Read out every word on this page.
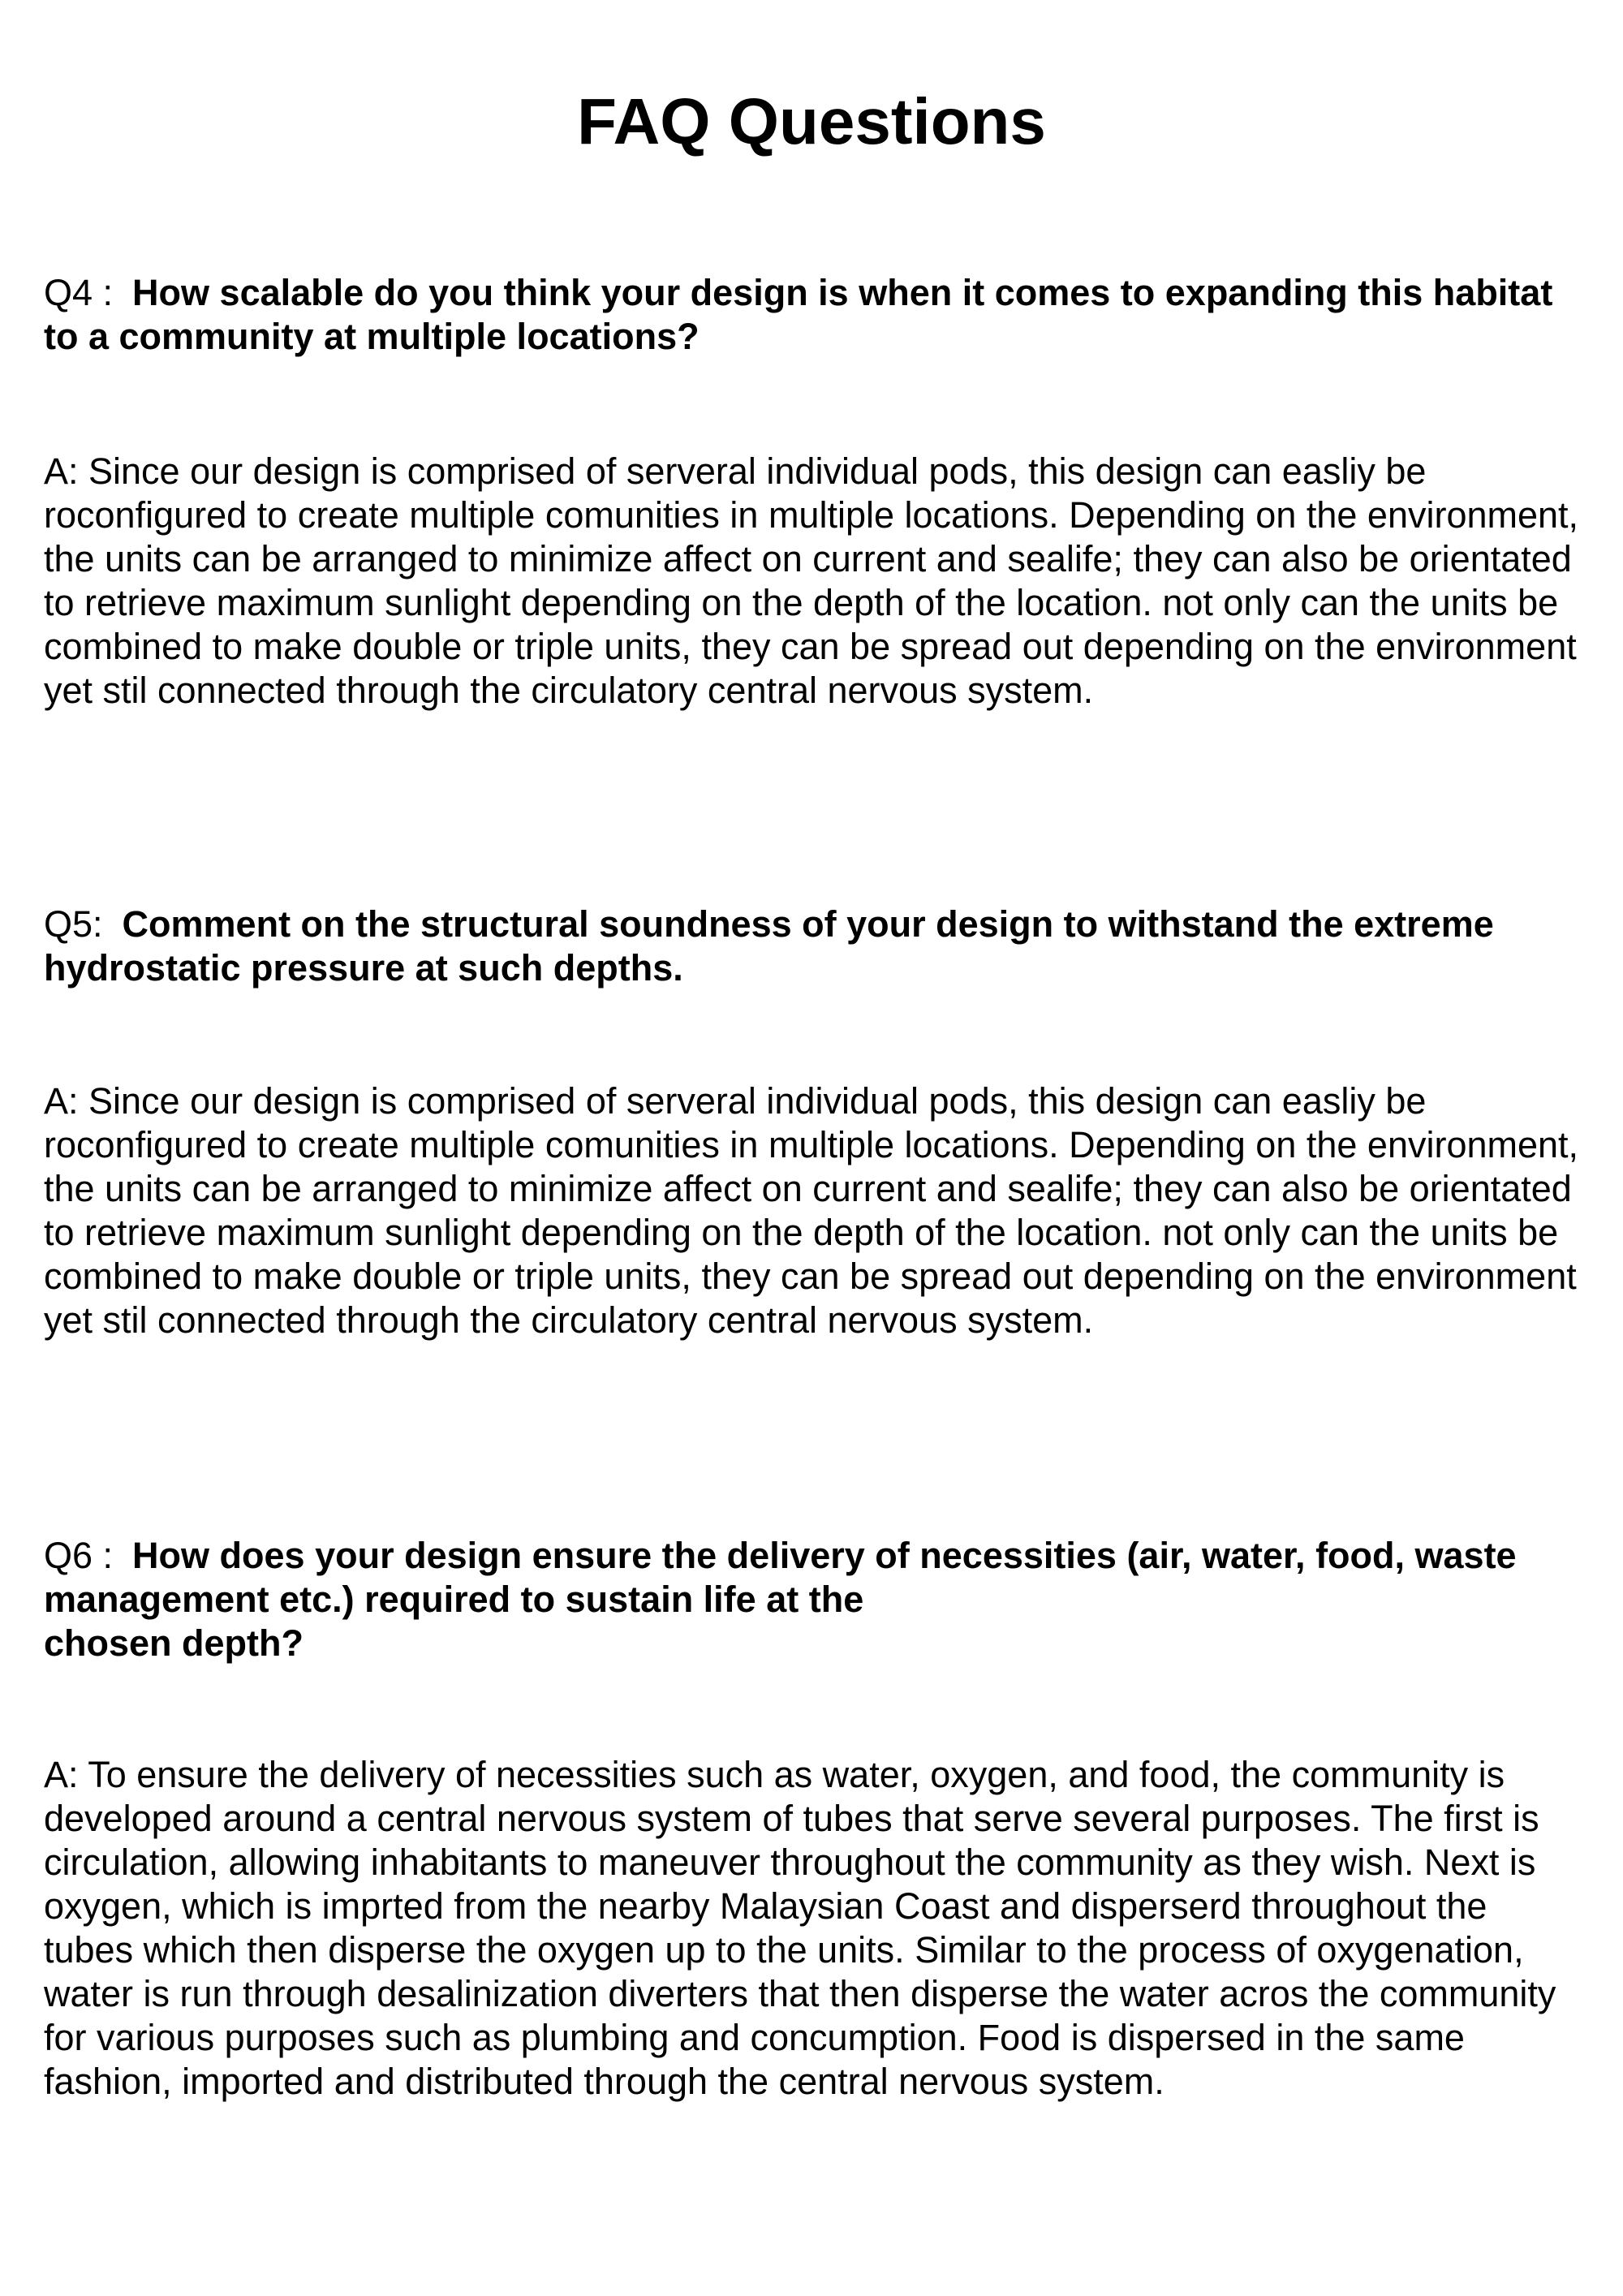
FAQ Questions

Q4 : How scalable do you think your design is when it comes to expanding this habitat to a community at multiple locations?

A: Since our design is comprised of serveral individual pods, this design can easliy be roconfigured to create multiple comunities in multiple locations. Depending on the environment, the units can be arranged to minimize affect on current and sealife; they can also be orientated to retrieve maximum sunlight depending on the depth of the location. not only can the units be combined to make double or triple units, they can be spread out depending on the environment yet stil connected through the circulatory central nervous system.

Q5: Comment on the structural soundness of your design to withstand the extreme hydrostatic pressure at such depths.

A: Since our design is comprised of serveral individual pods, this design can easliy be roconfigured to create multiple comunities in multiple locations. Depending on the environment, the units can be arranged to minimize affect on current and sealife; they can also be orientated to retrieve maximum sunlight depending on the depth of the location. not only can the units be combined to make double or triple units, they can be spread out depending on the environment yet stil connected through the circulatory central nervous system.

Q6 : How does your design ensure the delivery of necessities (air, water, food, waste management etc.) required to sustain life at the
chosen depth?

A: To ensure the delivery of necessities such as water, oxygen, and food, the community is developed around a central nervous system of tubes that serve several purposes. The first is circulation, allowing inhabitants to maneuver throughout the community as they wish. Next is oxygen, which is imprted from the nearby Malaysian Coast and disperserd throughout the tubes which then disperse the oxygen up to the units. Similar to the process of oxygenation, water is run through desalinization diverters that then disperse the water acros the community for various purposes such as plumbing and concumption. Food is dispersed in the same fashion, imported and distributed through the central nervous system.
